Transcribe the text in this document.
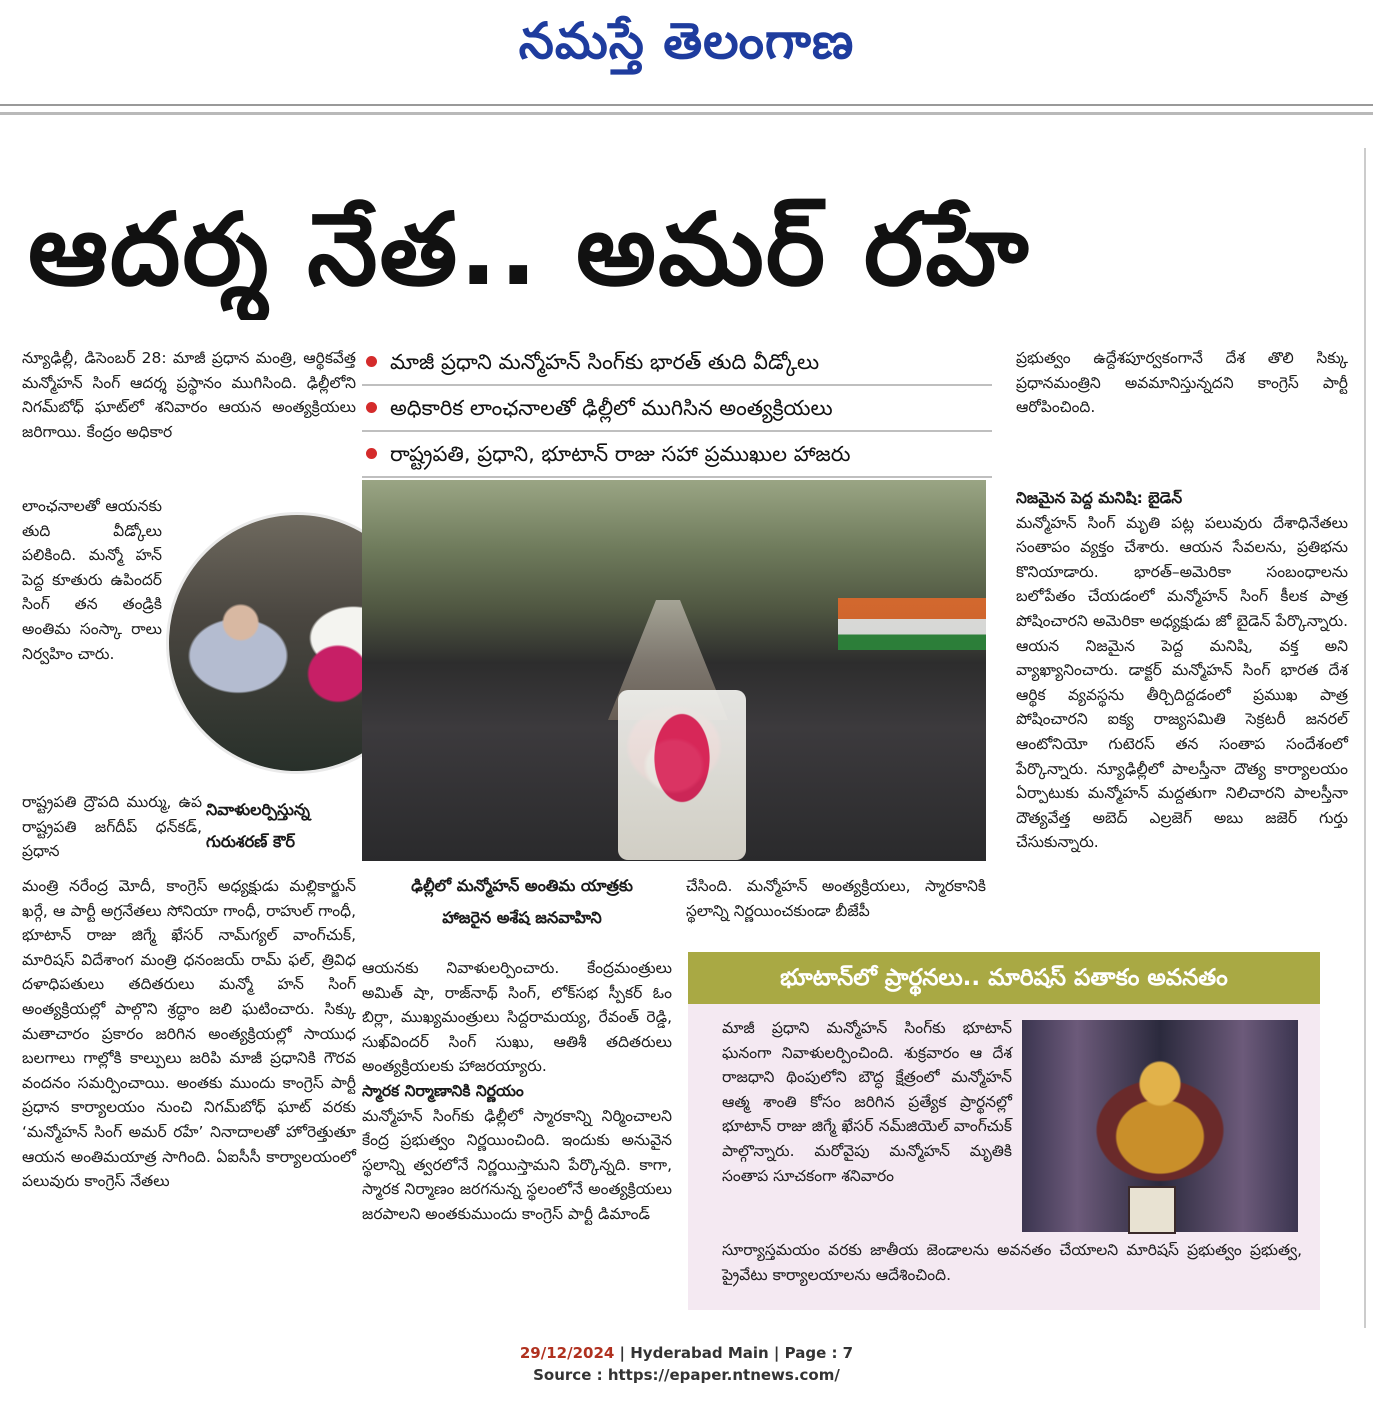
నమస్తే తెలంగాణ
ఆదర్శ నేత.. అమర్ రహే

న్యూఢిల్లీ, డిసెంబర్ 28: మాజీ ప్రధాన మంత్రి, ఆర్థికవేత్త మన్మోహన్ సింగ్ ఆదర్శ ప్రస్థానం ముగిసింది. ఢిల్లీలోని నిగమ్‌బోధ్ ఘాట్‌లో శనివారం ఆయన అంత్యక్రియలు జరిగాయి. కేంద్రం అధికార

లాంఛనాలతో ఆయనకు తుది వీడ్కోలు పలికింది. మన్మో హన్ పెద్ద కూతురు ఉపిందర్ సింగ్ తన తండ్రికి అంతిమ సంస్కా రాలు నిర్వహిం చారు.

రాష్ట్రపతి ద్రౌపది ముర్ము, ఉప రాష్ట్రపతి జగ్‌దీప్ ధన్‌కడ్, ప్రధాన

మంత్రి నరేంద్ర మోదీ, కాంగ్రెస్ అధ్యక్షుడు మల్లికార్జున్ ఖర్గే, ఆ పార్టీ అగ్రనేతలు సోనియా గాంధీ, రాహుల్ గాంధీ, భూటాన్ రాజు జిగ్మే ఖేసర్ నామ్‌గ్యల్ వాంగ్‌చుక్, మారిషస్ విదేశాంగ మంత్రి ధనంజయ్ రామ్ ఫల్, త్రివిధ దళాధిపతులు తదితరులు మన్మో హన్ సింగ్ అంత్యక్రియల్లో పాల్గొని శ్రద్ధాం జలి ఘటించారు. సిక్కు మతాచారం ప్రకారం జరిగిన అంత్యక్రియల్లో సాయుధ బలగాలు గాల్లోకి కాల్పులు జరిపి మాజీ ప్రధానికి గౌరవ వందనం సమర్పించాయి. అంతకు ముందు కాంగ్రెస్ పార్టీ ప్రధాన కార్యాలయం నుంచి నిగమ్‌బోధ్ ఘాట్ వరకు ‘మన్మోహన్ సింగ్ అమర్ రహే’ నినాదాలతో హోరెత్తుతూ ఆయన అంతిమయాత్ర సాగింది. ఏఐసీసీ కార్యాలయంలో పలువురు కాంగ్రెస్ నేతలు

నివాళులర్పిస్తున్న
గురుశరణ్ కౌర్
మాజీ ప్రధాని మన్మోహన్ సింగ్‌కు భారత్ తుది వీడ్కోలు
అధికారిక లాంఛనాలతో ఢిల్లీలో ముగిసిన అంత్యక్రియలు
రాష్ట్రపతి, ప్రధాని, భూటాన్ రాజు సహా ప్రముఖుల హాజరు
ఢిల్లీలో మన్మోహన్ అంతిమ యాత్రకు
హాజరైన అశేష జనవాహిని

చేసింది. మన్మోహన్ అంత్యక్రియలు, స్మారకానికి స్థలాన్ని నిర్ణయించకుండా బీజేపీ

ఆయనకు నివాళులర్పించారు. కేంద్రమంత్రులు అమిత్ షా, రాజ్‌నాథ్ సింగ్, లోక్‌సభ స్పీకర్ ఓం బిర్లా, ముఖ్యమంత్రులు సిద్దరామయ్య, రేవంత్ రెడ్డి, సుఖ్‌విందర్ సింగ్ సుఖు, ఆతిశీ తదితరులు అంత్యక్రియలకు హాజరయ్యారు.

స్మారక నిర్మాణానికి నిర్ణయం

మన్మోహన్ సింగ్‌కు ఢిల్లీలో స్మారకాన్ని నిర్మించాలని కేంద్ర ప్రభుత్వం నిర్ణయించింది. ఇందుకు అనువైన స్థలాన్ని త్వరలోనే నిర్ణయిస్తామని పేర్కొన్నది. కాగా, స్మారక నిర్మాణం జరగనున్న స్థలంలోనే అంత్యక్రియలు జరపాలని అంతకుముందు కాంగ్రెస్ పార్టీ డిమాండ్

ప్రభుత్వం ఉద్దేశపూర్వకంగానే దేశ తొలి సిక్కు ప్రధానమంత్రిని అవమానిస్తున్నదని కాంగ్రెస్ పార్టీ ఆరోపించింది.

నిజమైన పెద్ద మనిషి: బైడెన్

మన్మోహన్ సింగ్ మృతి పట్ల పలువురు దేశాధినేతలు సంతాపం వ్యక్తం చేశారు. ఆయన సేవలను, ప్రతిభను కొనియాడారు. భారత్–అమెరికా సంబంధాలను బలోపేతం చేయడంలో మన్మోహన్ సింగ్ కీలక పాత్ర పోషించారని అమెరికా అధ్యక్షుడు జో బైడెన్ పేర్కొన్నారు. ఆయన నిజమైన పెద్ద మనిషి, వక్త అని వ్యాఖ్యానించారు. డాక్టర్ మన్మోహన్ సింగ్ భారత దేశ ఆర్థిక వ్యవస్థను తీర్చిదిద్దడంలో ప్రముఖ పాత్ర పోషించారని ఐక్య రాజ్యసమితి సెక్రటరీ జనరల్ ఆంటోనియో గుటెరస్ తన సంతాప సందేశంలో పేర్కొన్నారు. న్యూఢిల్లీలో పాలస్తీనా దౌత్య కార్యాలయం ఏర్పాటుకు మన్మోహన్ మద్దతుగా నిలిచారని పాలస్తీనా దౌత్యవేత్త అబెద్ ఎల్రజెగ్ అబు జజెర్ గుర్తు చేసుకున్నారు.

భూటాన్‌లో ప్రార్థనలు.. మారిషస్ పతాకం అవనతం
మాజీ ప్రధాని మన్మోహన్ సింగ్‌కు భూటాన్ ఘనంగా నివాళులర్పించింది. శుక్రవారం ఆ దేశ రాజధాని థింపులోని బౌద్ధ క్షేత్రంలో మన్మోహన్ ఆత్మ శాంతి కోసం జరిగిన ప్రత్యేక ప్రార్థనల్లో భూటాన్ రాజు జిగ్మే ఖేసర్ నమ్‌జియెల్ వాంగ్‌చుక్ పాల్గొన్నారు. మరోవైపు మన్మోహన్ మృతికి సంతాప సూచకంగా శనివారం
సూర్యాస్తమయం వరకు జాతీయ జెండాలను అవనతం చేయాలని మారిషస్ ప్రభుత్వం ప్రభుత్వ, ప్రైవేటు కార్యాలయాలను ఆదేశించింది.
29/12/2024 | Hyderabad Main | Page : 7
Source : https://epaper.ntnews.com/
